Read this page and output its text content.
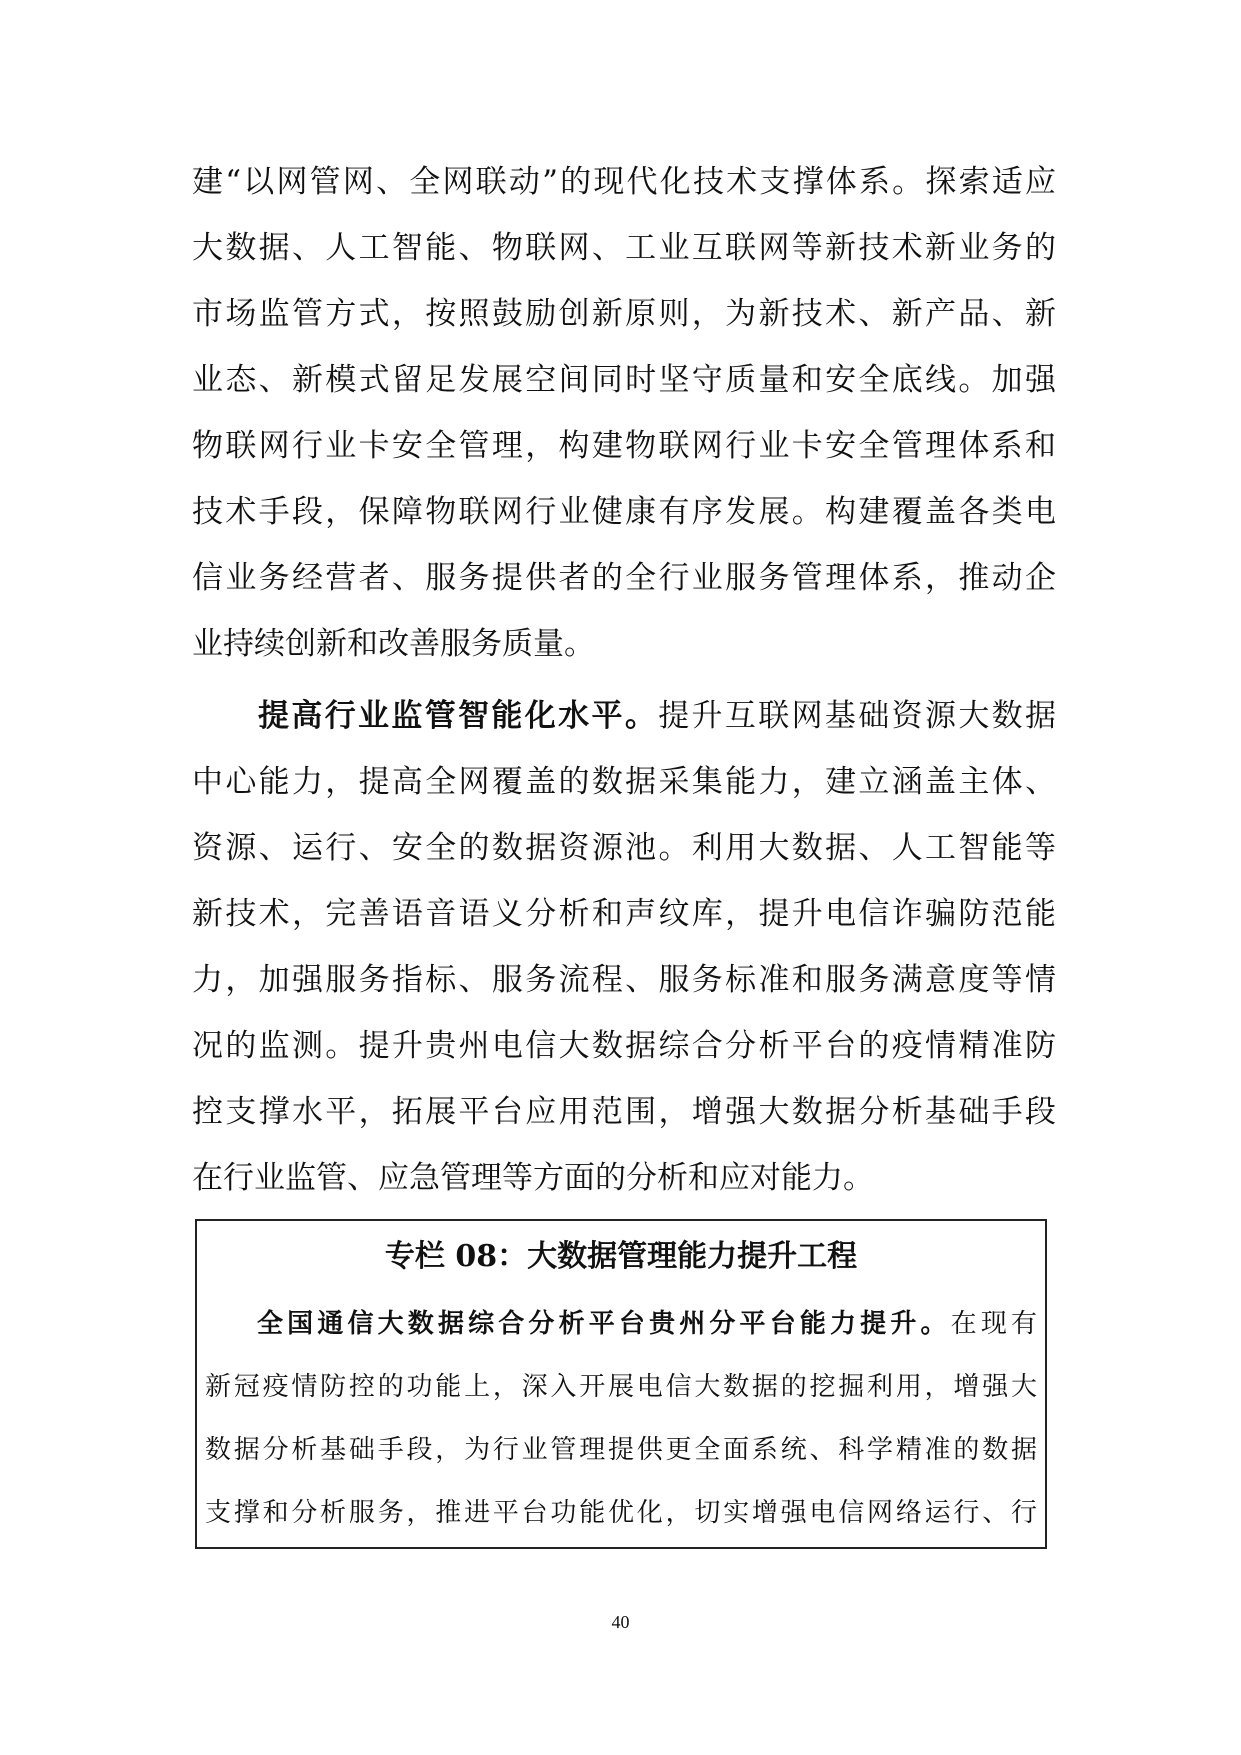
建“以网管网、全网联动”的现代化技术支撑体系。探索适应
大数据、人工智能、物联网、工业互联网等新技术新业务的
市场监管方式，按照鼓励创新原则，为新技术、新产品、新
业态、新模式留足发展空间同时坚守质量和安全底线。加强
物联网行业卡安全管理，构建物联网行业卡安全管理体系和
技术手段，保障物联网行业健康有序发展。构建覆盖各类电
信业务经营者、服务提供者的全行业服务管理体系，推动企
业持续创新和改善服务质量。
提高行业监管智能化水平。提升互联网基础资源大数据
中心能力，提高全网覆盖的数据采集能力，建立涵盖主体、
资源、运行、安全的数据资源池。利用大数据、人工智能等
新技术，完善语音语义分析和声纹库，提升电信诈骗防范能
力，加强服务指标、服务流程、服务标准和服务满意度等情
况的监测。提升贵州电信大数据综合分析平台的疫情精准防
控支撑水平，拓展平台应用范围，增强大数据分析基础手段
在行业监管、应急管理等方面的分析和应对能力。
专栏 08：大数据管理能力提升工程
全国通信大数据综合分析平台贵州分平台能力提升。在现有
新冠疫情防控的功能上，深入开展电信大数据的挖掘利用，增强大
数据分析基础手段，为行业管理提供更全面系统、科学精准的数据
支撑和分析服务，推进平台功能优化，切实增强电信网络运行、行
40
